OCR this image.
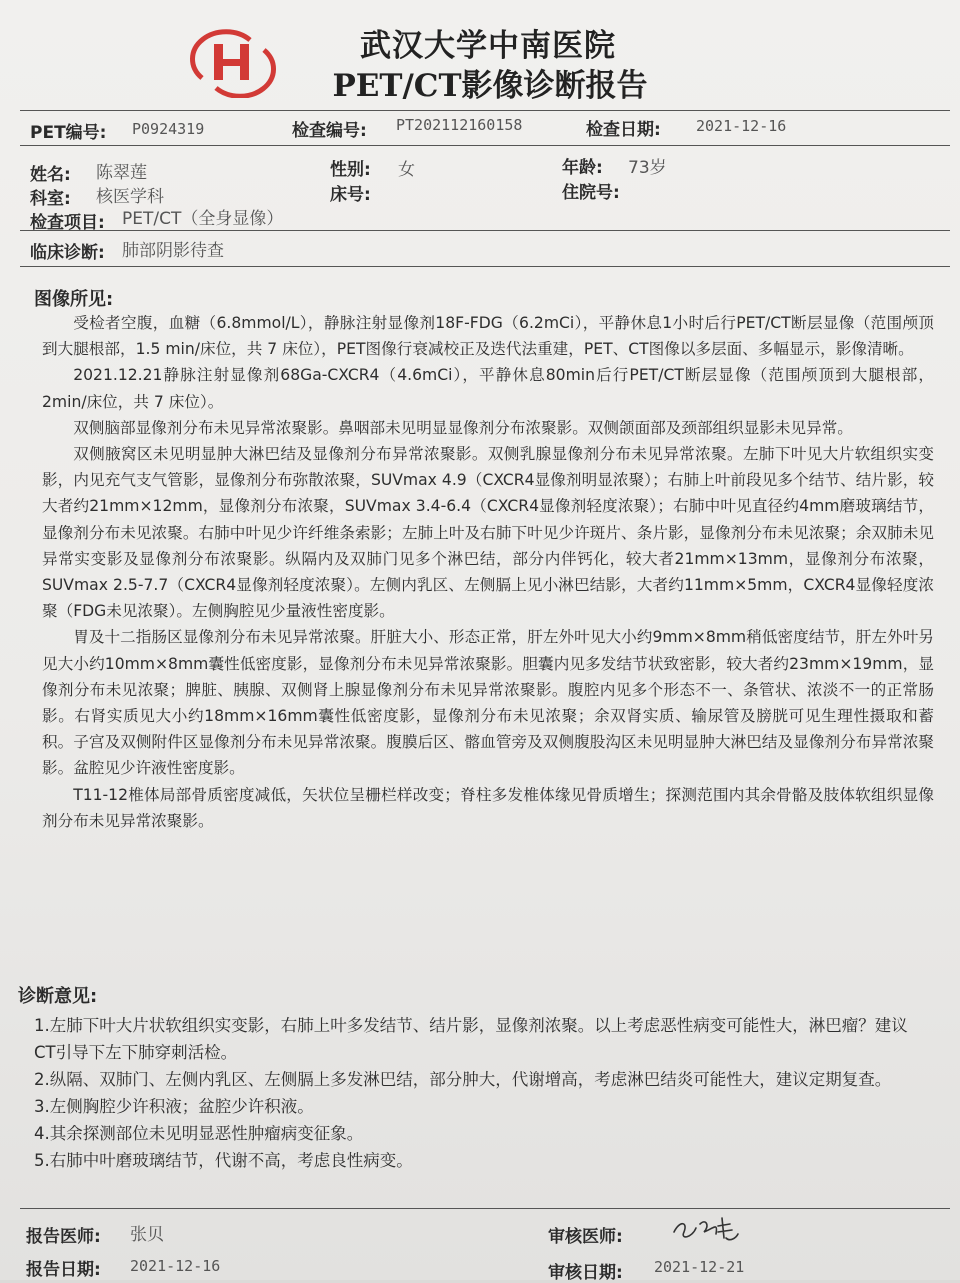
武汉大学中南医院
PET/CT影像诊断报告
PET编号: P0924319	检查编号: PT202112160158	检查日期: 2021-12-16
姓名: 陈翠莲	性别: 女	年龄: 73岁
科室: 核医学科	床号:	住院号:
检查项目: PET/CT（全身显像）
临床诊断: 肺部阴影待查
图像所见:

受检者空腹，血糖（6.8mmol/L），静脉注射显像剂18F-FDG（6.2mCi），平静休息1小时后行PET/CT断层显像（范围颅顶到大腿根部，1.5 min/床位，共 7 床位），PET图像行衰减校正及迭代法重建，PET、CT图像以多层面、多幅显示，影像清晰。

2021.12.21静脉注射显像剂68Ga-CXCR4（4.6mCi），平静休息80min后行PET/CT断层显像（范围颅顶到大腿根部，2min/床位，共 7 床位）。

双侧脑部显像剂分布未见异常浓聚影。鼻咽部未见明显显像剂分布浓聚影。双侧颌面部及颈部组织显影未见异常。

双侧腋窝区未见明显肿大淋巴结及显像剂分布异常浓聚影。双侧乳腺显像剂分布未见异常浓聚。左肺下叶见大片软组织实变影，内见充气支气管影，显像剂分布弥散浓聚，SUVmax 4.9（CXCR4显像剂明显浓聚）；右肺上叶前段见多个结节、结片影，较大者约21mm×12mm，显像剂分布浓聚，SUVmax 3.4-6.4（CXCR4显像剂轻度浓聚）；右肺中叶见直径约4mm磨玻璃结节，显像剂分布未见浓聚。右肺中叶见少许纤维条索影；左肺上叶及右肺下叶见少许斑片、条片影，显像剂分布未见浓聚；余双肺未见异常实变影及显像剂分布浓聚影。纵隔内及双肺门见多个淋巴结，部分内伴钙化，较大者21mm×13mm，显像剂分布浓聚，SUVmax 2.5-7.7（CXCR4显像剂轻度浓聚）。左侧内乳区、左侧膈上见小淋巴结影，大者约11mm×5mm，CXCR4显像轻度浓聚（FDG未见浓聚）。左侧胸腔见少量液性密度影。

胃及十二指肠区显像剂分布未见异常浓聚。肝脏大小、形态正常，肝左外叶见大小约9mm×8mm稍低密度结节，肝左外叶另见大小约10mm×8mm囊性低密度影，显像剂分布未见异常浓聚影。胆囊内见多发结节状致密影，较大者约23mm×19mm，显像剂分布未见浓聚；脾脏、胰腺、双侧肾上腺显像剂分布未见异常浓聚影。腹腔内见多个形态不一、条管状、浓淡不一的正常肠影。右肾实质见大小约18mm×16mm囊性低密度影，显像剂分布未见浓聚；余双肾实质、输尿管及膀胱可见生理性摄取和蓄积。子宫及双侧附件区显像剂分布未见异常浓聚。腹膜后区、髂血管旁及双侧腹股沟区未见明显肿大淋巴结及显像剂分布异常浓聚影。盆腔见少许液性密度影。

T11-12椎体局部骨质密度减低，矢状位呈栅栏样改变；脊柱多发椎体缘见骨质增生；探测范围内其余骨骼及肢体软组织显像剂分布未见异常浓聚影。

诊断意见:

1.左肺下叶大片状软组织实变影，右肺上叶多发结节、结片影，显像剂浓聚。以上考虑恶性病变可能性大，淋巴瘤？建议CT引导下左下肺穿刺活检。

2.纵隔、双肺门、左侧内乳区、左侧膈上多发淋巴结，部分肿大，代谢增高，考虑淋巴结炎可能性大，建议定期复查。

3.左侧胸腔少许积液；盆腔少许积液。

4.其余探测部位未见明显恶性肿瘤病变征象。

5.右肺中叶磨玻璃结节，代谢不高，考虑良性病变。

报告医师: 张贝	审核医师:
报告日期: 2021-12-16	审核日期: 2021-12-21
